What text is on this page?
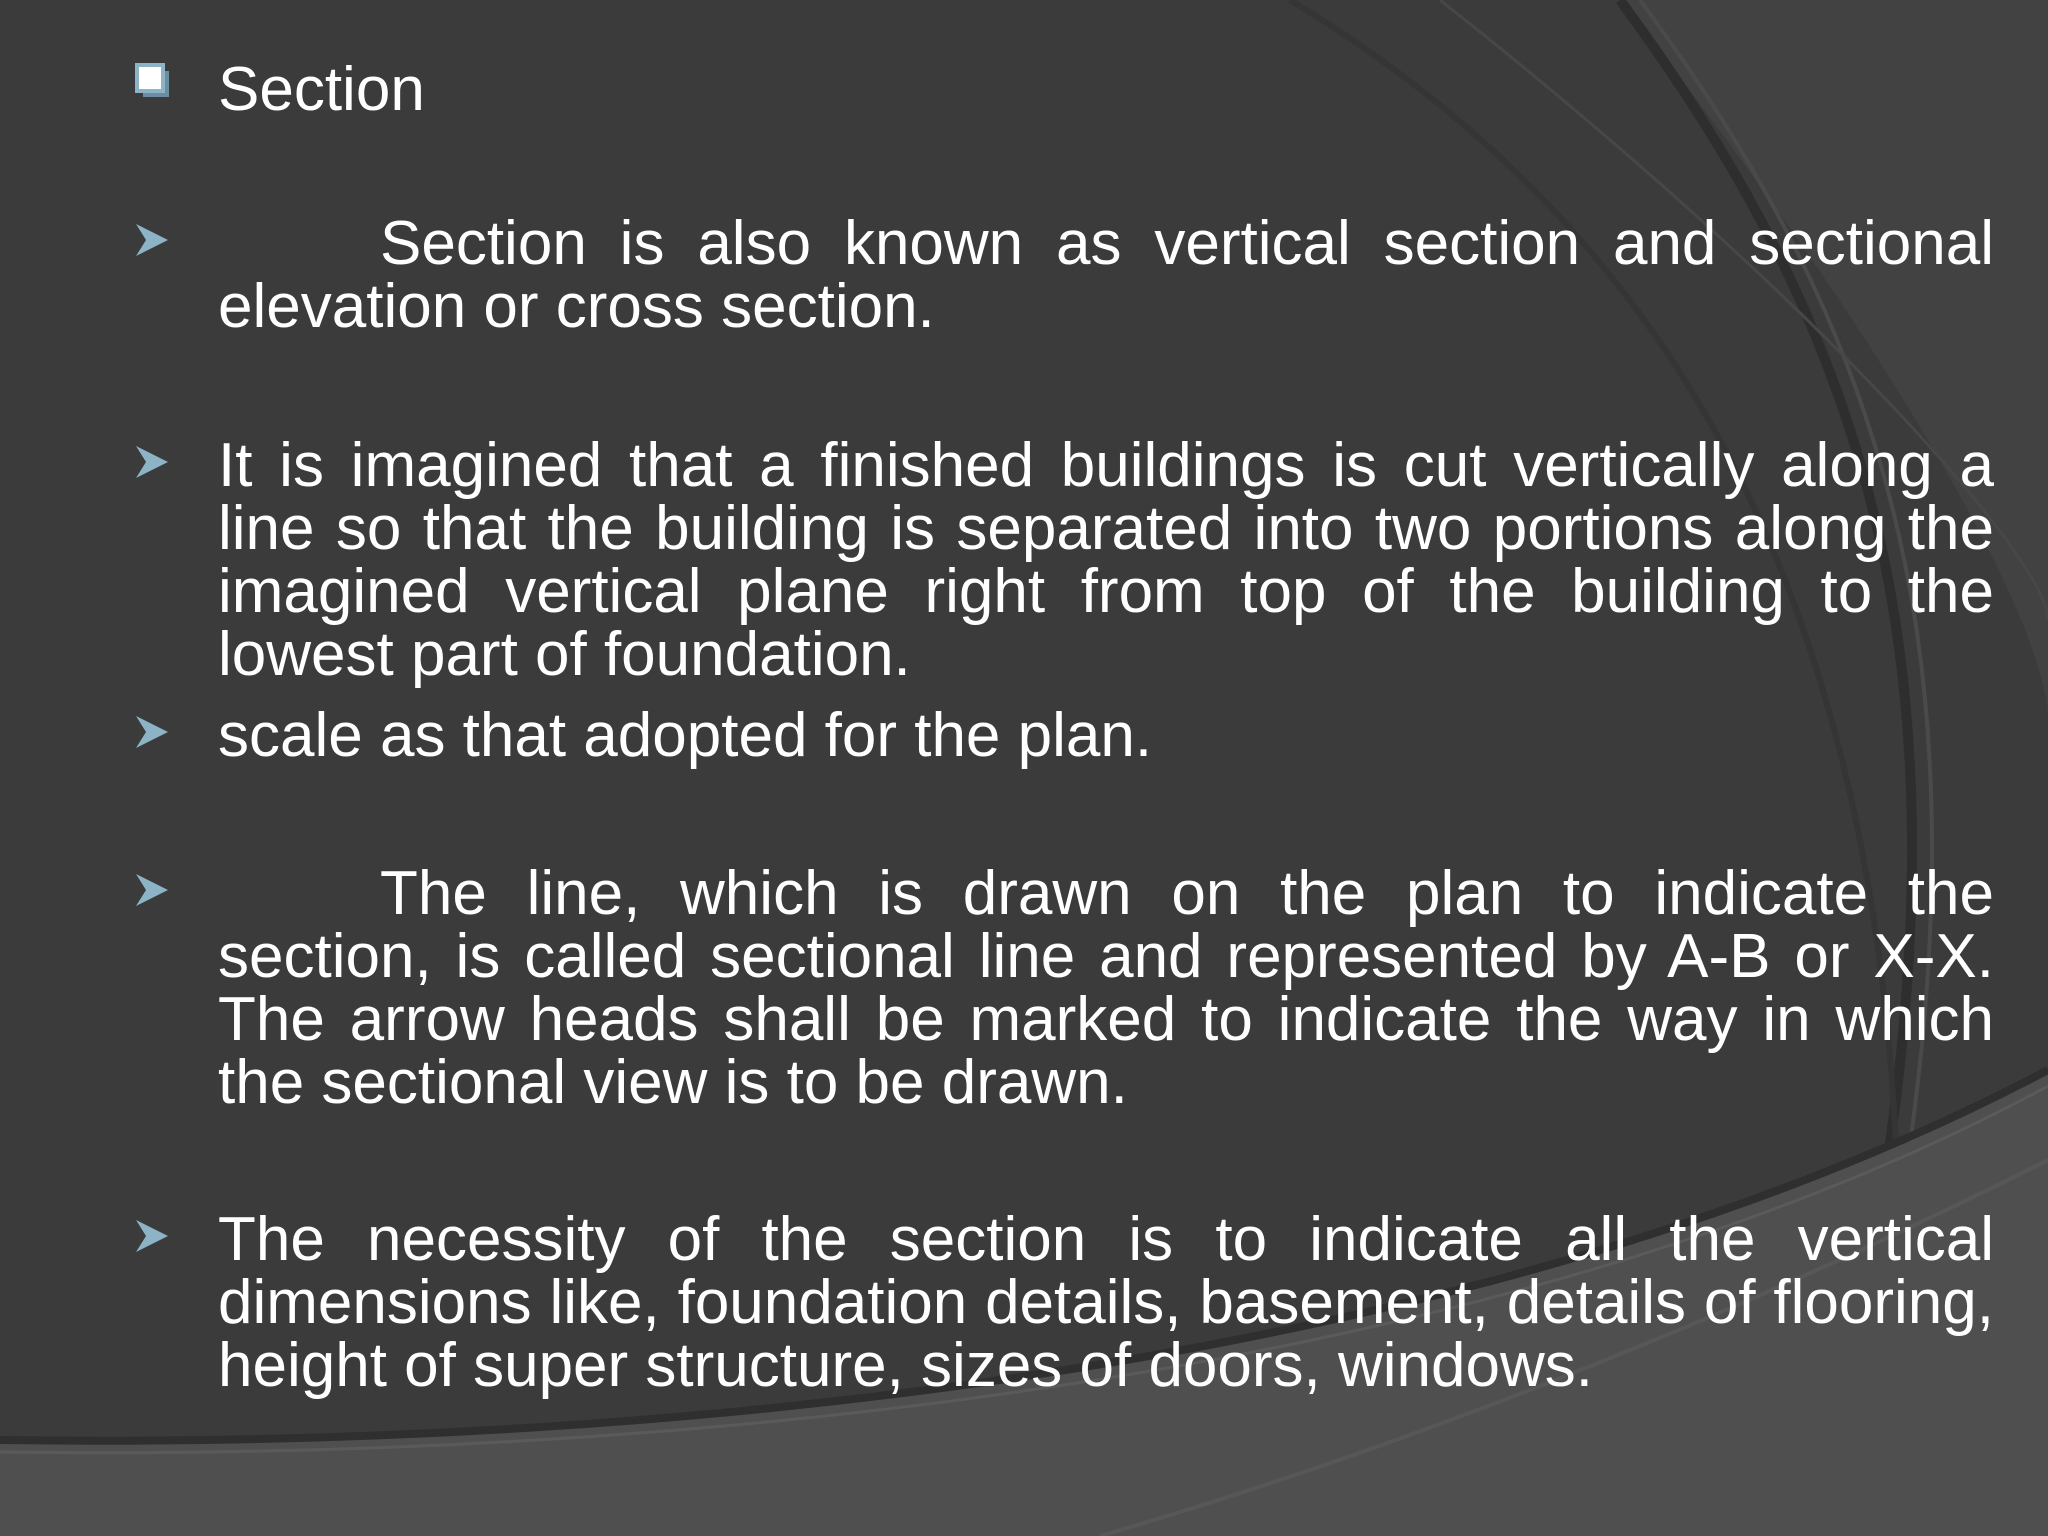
Section

Section is also known as vertical section and sectional elevation or cross section.

It is imagined that a finished buildings is cut vertically along a line so that the building is separated into two portions along the imagined vertical plane right from top of the building to the lowest part of foundation.

scale as that adopted for the plan.

The line, which is drawn on the plan to indicate the section, is called sectional line and represented by A-B or X-X. The arrow heads shall be marked to indicate the way in which the sectional view is to be drawn.

The necessity of the section is to indicate all the vertical dimensions like, foundation details, basement, details of flooring, height of super structure, sizes of doors, windows.
